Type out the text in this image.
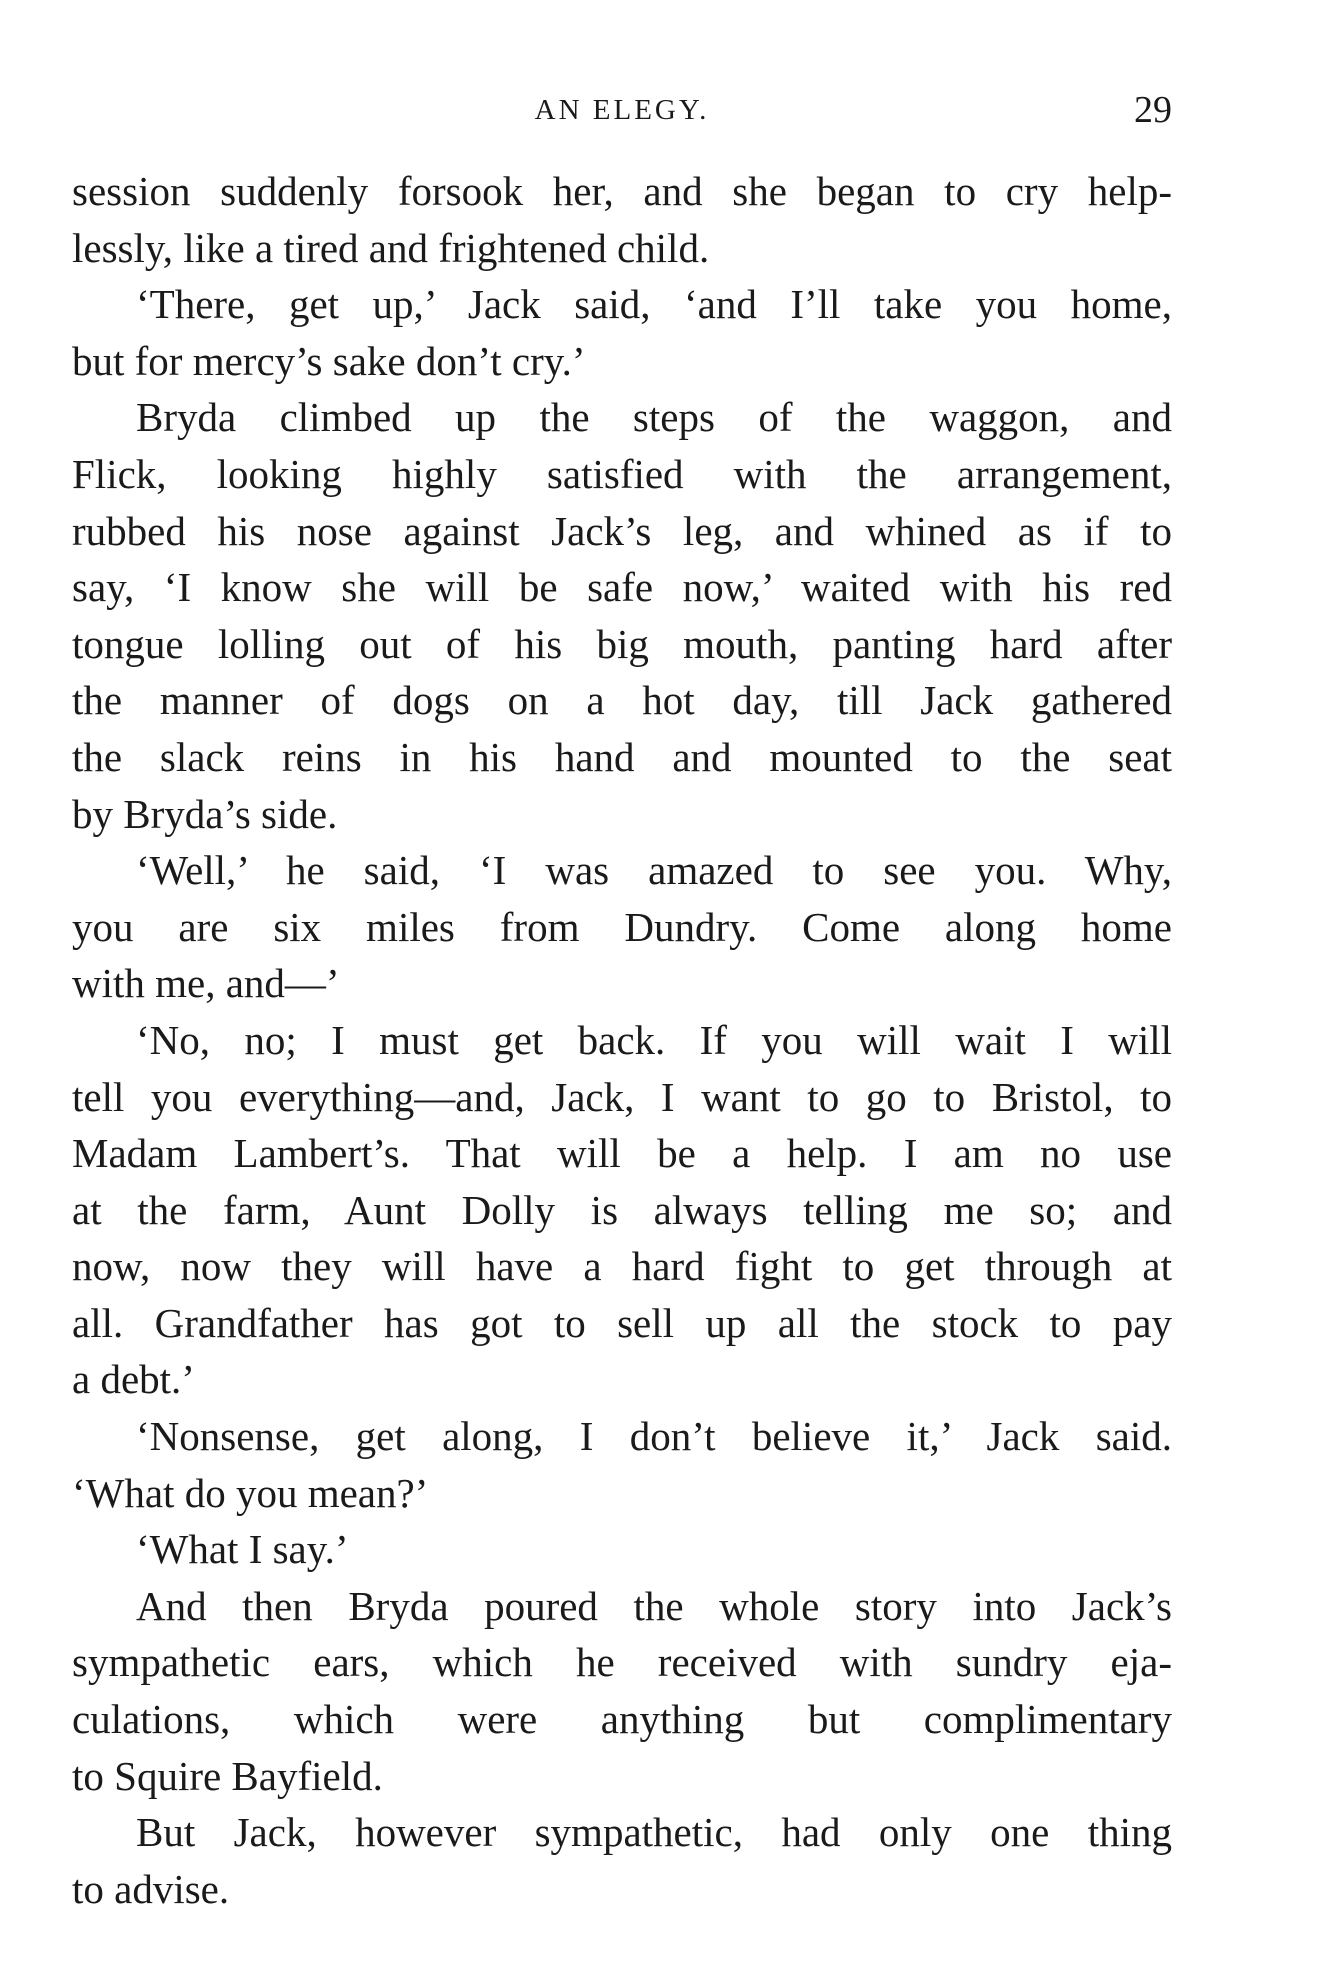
AN ELEGY.	29
session suddenly forsook her, and she began to cry help-
lessly, like a tired and frightened child.
‘There, get up,’ Jack said, ‘and I’ll take you home,
but for mercy’s sake don’t cry.’
Bryda climbed up the steps of the waggon, and
Flick, looking highly satisfied with the arrangement,
rubbed his nose against Jack’s leg, and whined as if to
say, ‘I know she will be safe now,’ waited with his red
tongue lolling out of his big mouth, panting hard after
the manner of dogs on a hot day, till Jack gathered
the slack reins in his hand and mounted to the seat
by Bryda’s side.
‘Well,’ he said, ‘I was amazed to see you. Why,
you are six miles from Dundry. Come along home
with me, and—’
‘No, no; I must get back. If you will wait I will
tell you everything—and, Jack, I want to go to Bristol, to
Madam Lambert’s. That will be a help. I am no use
at the farm, Aunt Dolly is always telling me so; and
now, now they will have a hard fight to get through at
all. Grandfather has got to sell up all the stock to pay
a debt.’
‘Nonsense, get along, I don’t believe it,’ Jack said.
‘What do you mean?’
‘What I say.’
And then Bryda poured the whole story into Jack’s
sympathetic ears, which he received with sundry eja-
culations, which were anything but complimentary
to Squire Bayfield.
But Jack, however sympathetic, had only one thing
to advise.
